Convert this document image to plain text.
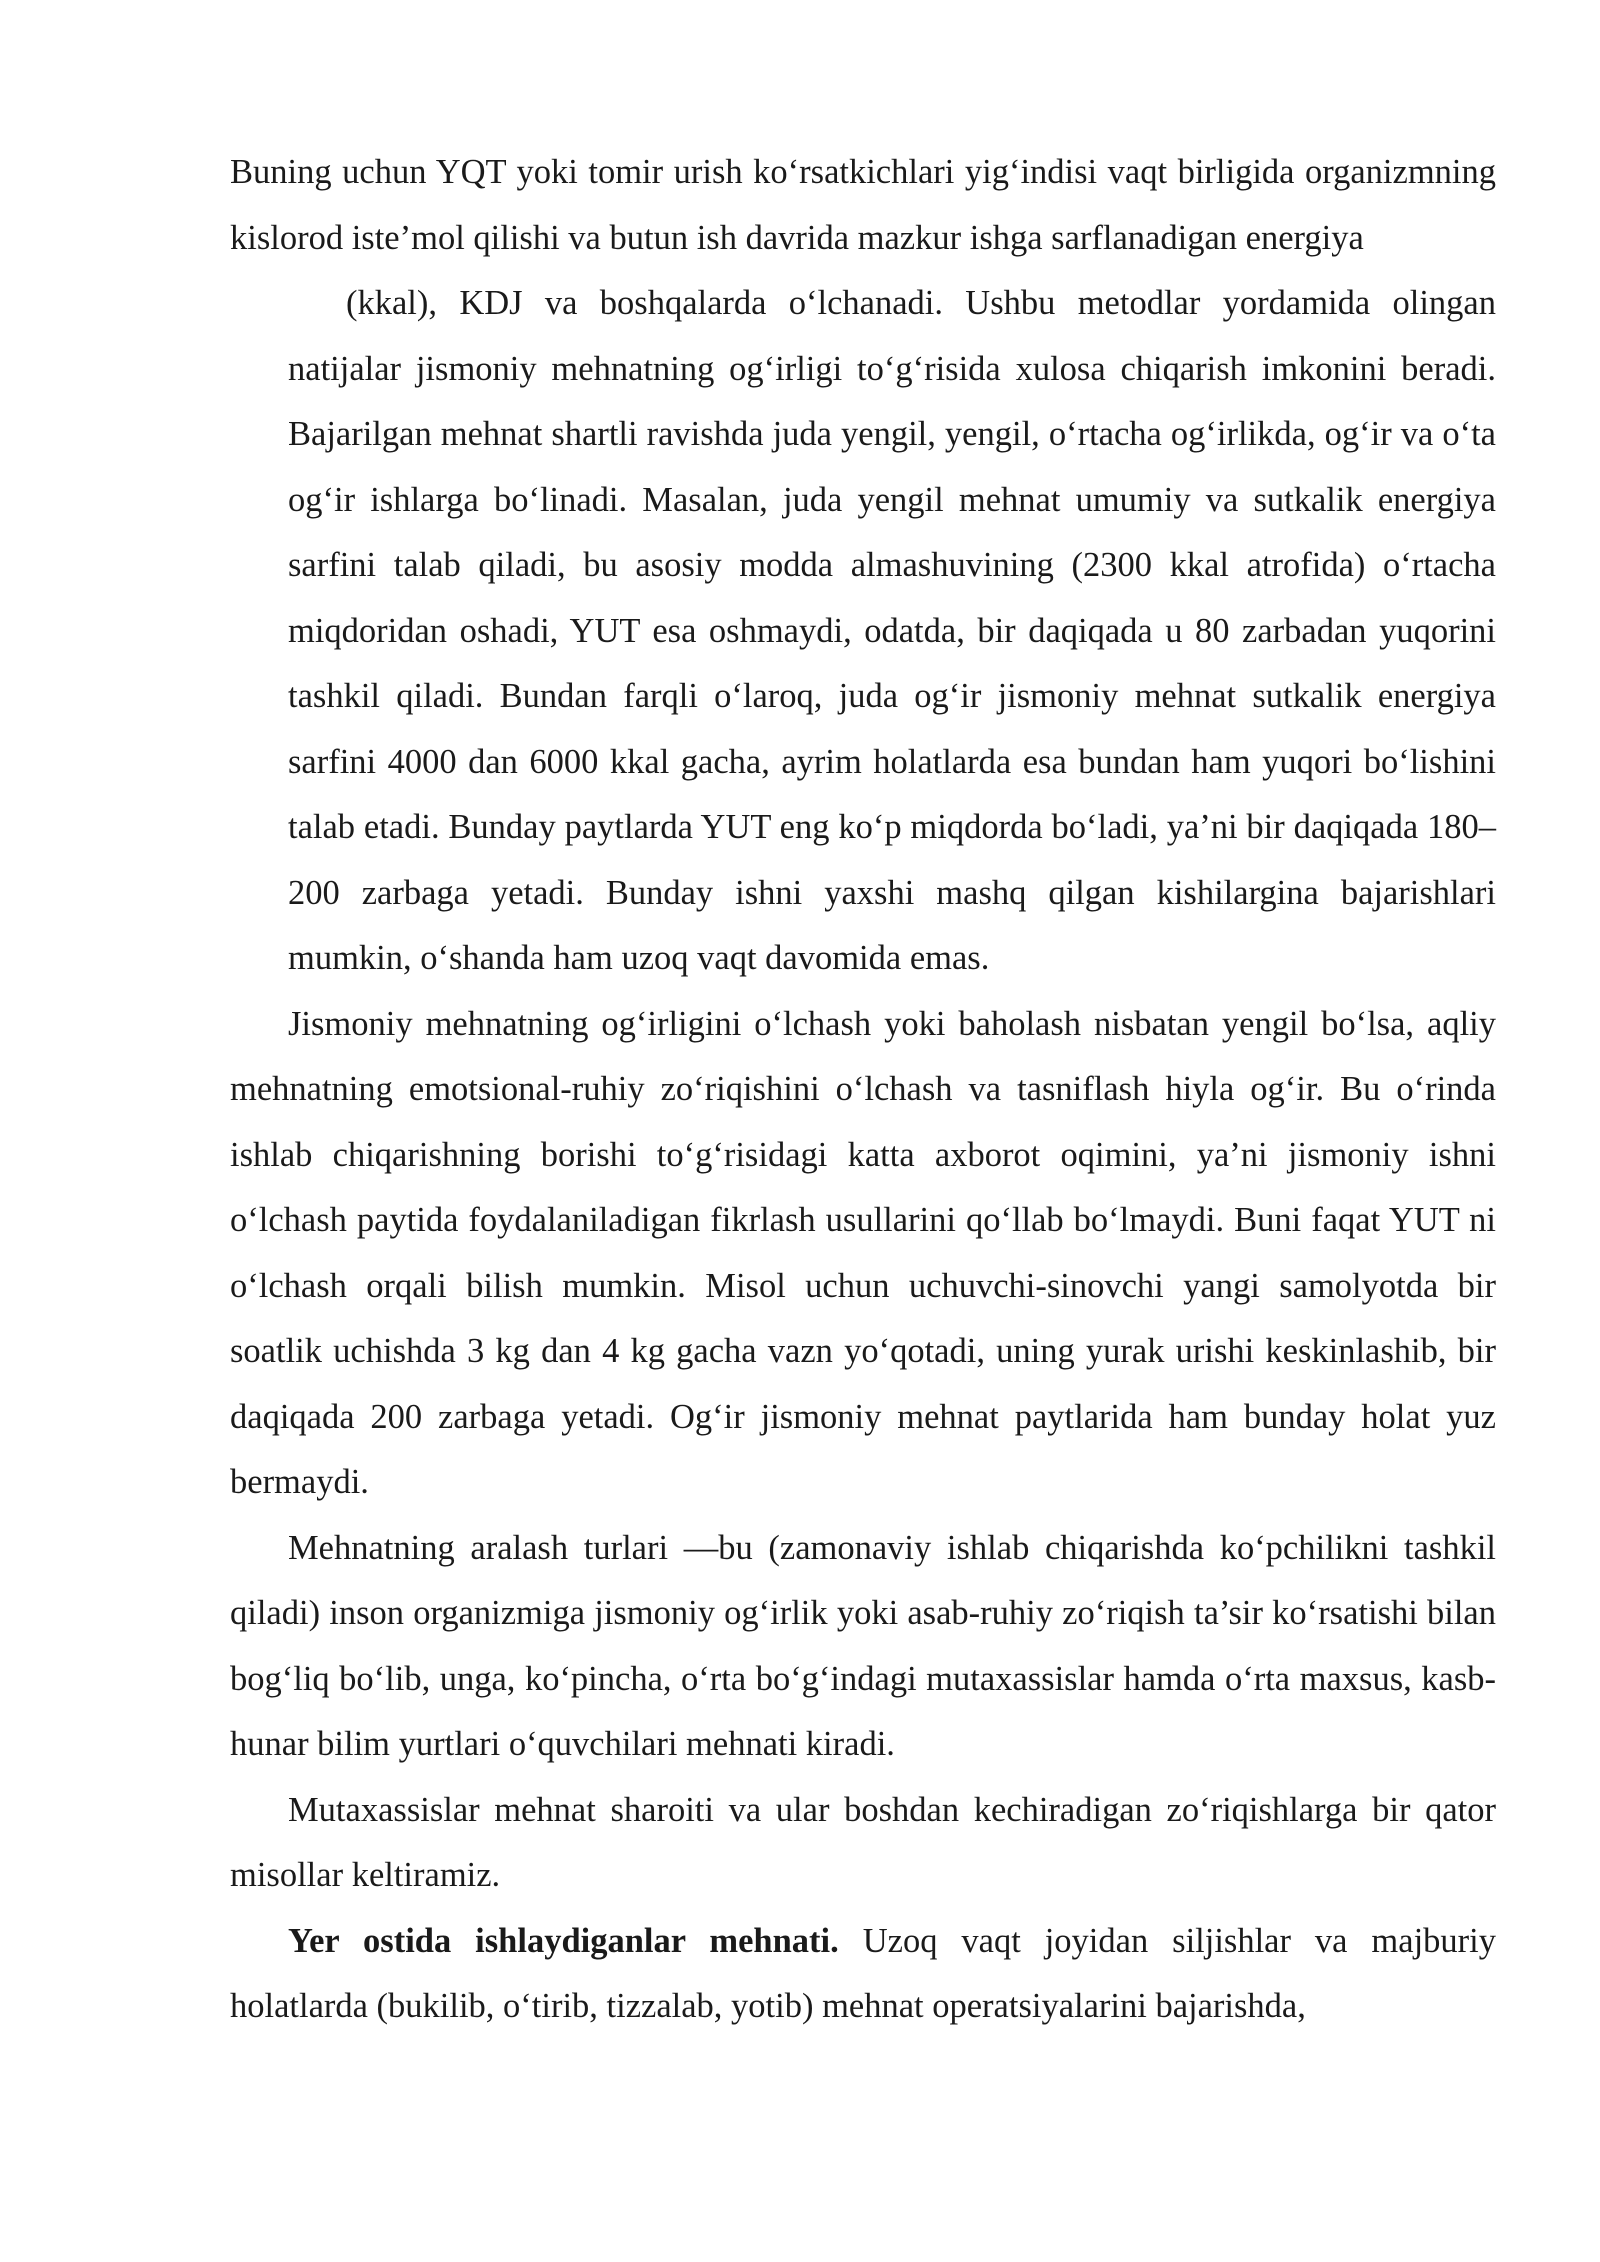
Buning uchun YQT yoki tomir urish ko‘rsatkichlari yig‘indisi vaqt birligida organizmning kislorod iste’mol qilishi va butun ish davrida mazkur ishga sarflanadigan energiya

(kkal), KDJ va boshqalarda o‘lchanadi. Ushbu metodlar yordamida olingan natijalar jismoniy mehnatning og‘irligi to‘g‘risida xulosa chiqarish imkonini beradi. Bajarilgan mehnat shartli ravishda juda yengil, yengil, o‘rtacha og‘irlikda, og‘ir va o‘ta og‘ir ishlarga bo‘linadi. Masalan, juda yengil mehnat umumiy va sutkalik energiya sarfini talab qiladi, bu asosiy modda almashuvining (2300 kkal atrofida) o‘rtacha miqdoridan oshadi, YUT esa oshmaydi, odatda, bir daqiqada u 80 zarbadan yuqorini tashkil qiladi. Bundan farqli o‘laroq, juda og‘ir jismoniy mehnat sutkalik energiya sarfini 4000 dan 6000 kkal gacha, ayrim holatlarda esa bundan ham yuqori bo‘lishini talab etadi. Bunday paytlarda YUT eng ko‘p miqdorda bo‘ladi, ya’ni bir daqiqada 180–200 zarbaga yetadi. Bunday ishni yaxshi mashq qilgan kishilargina bajarishlari mumkin, o‘shanda ham uzoq vaqt davomida emas.

Jismoniy mehnatning og‘irligini o‘lchash yoki baholash nisbatan yengil bo‘lsa, aqliy mehnatning emotsional-ruhiy zo‘riqishini o‘lchash va tasniflash hiyla og‘ir. Bu o‘rinda ishlab chiqarishning borishi to‘g‘risidagi katta axborot oqimini, ya’ni jismoniy ishni o‘lchash paytida foydalaniladigan fikrlash usullarini qo‘llab bo‘lmaydi. Buni faqat YUT ni o‘lchash orqali bilish mumkin. Misol uchun uchuvchi-sinovchi yangi samolyotda bir soatlik uchishda 3 kg dan 4 kg gacha vazn yo‘qotadi, uning yurak urishi keskinlashib, bir daqiqada 200 zarbaga yetadi. Og‘ir jismoniy mehnat paytlarida ham bunday holat yuz bermaydi.

Mehnatning aralash turlari —bu (zamonaviy ishlab chiqarishda ko‘pchilikni tashkil qiladi) inson organizmiga jismoniy og‘irlik yoki asab-ruhiy zo‘riqish ta’sir ko‘rsatishi bilan bog‘liq bo‘lib, unga, ko‘pincha, o‘rta bo‘g‘indagi mutaxassislar hamda o‘rta maxsus, kasb-hunar bilim yurtlari o‘quvchilari mehnati kiradi.

Mutaxassislar mehnat sharoiti va ular boshdan kechiradigan zo‘riqishlarga bir qator misollar keltiramiz.

Yer ostida ishlaydiganlar mehnati. Uzoq vaqt joyidan siljishlar va majburiy holatlarda (bukilib, o‘tirib, tizzalab, yotib) mehnat operatsiyalarini bajarishda,
